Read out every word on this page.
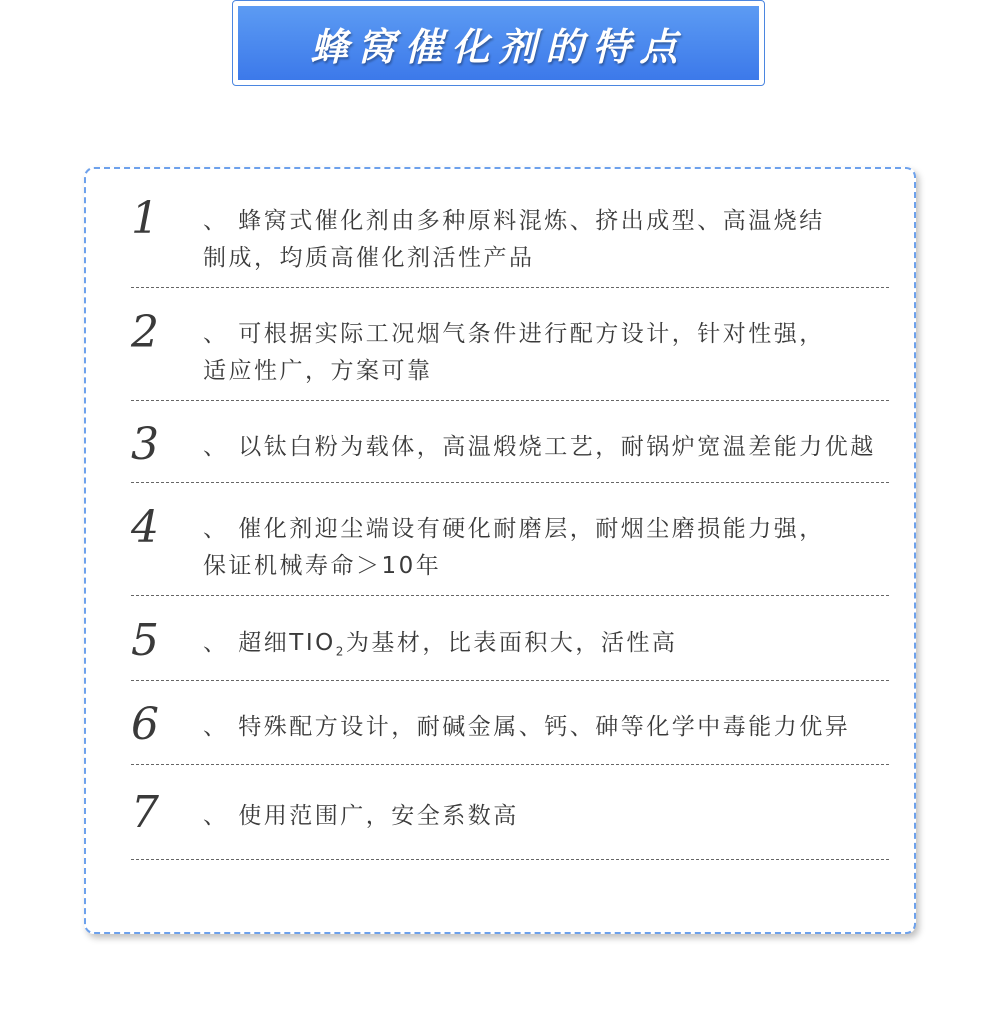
蜂窝催化剂的特点
1 、 蜂窝式催化剂由多种原料混炼、挤出成型、高温烧结
制成，均质高催化剂活性产品
2 、 可根据实际工况烟气条件进行配方设计，针对性强，
适应性广，方案可靠
3 、 以钛白粉为载体，高温煅烧工艺，耐锅炉宽温差能力优越
4 、 催化剂迎尘端设有硬化耐磨层，耐烟尘磨损能力强，
保证机械寿命＞10年
5 、 超细$TIO_2$为基材，比表面积大，活性高
6 、 特殊配方设计，耐碱金属、钙、砷等化学中毒能力优异
7 、 使用范围广，安全系数高
